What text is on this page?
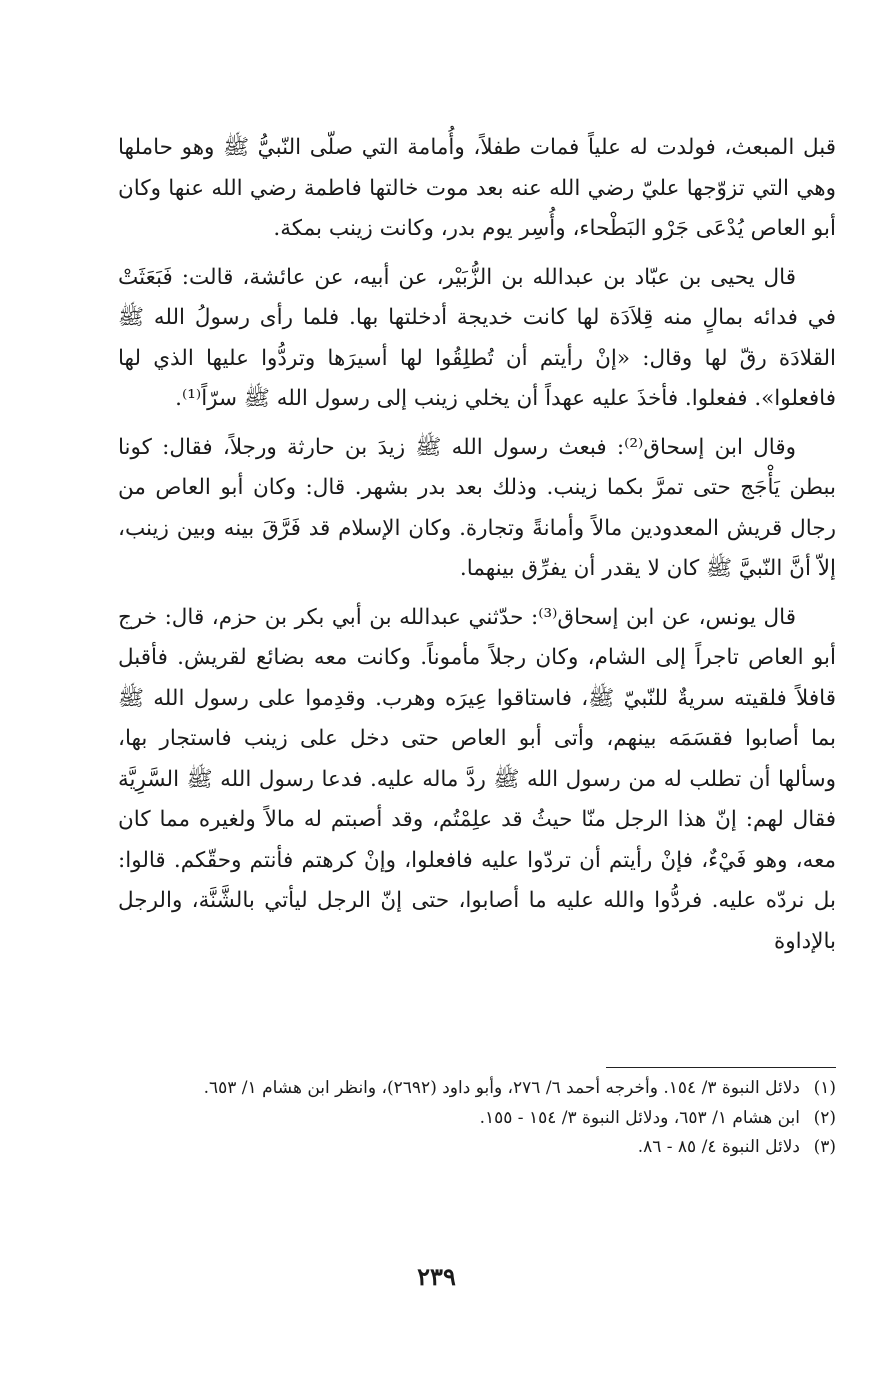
قبل المبعث، فولدت له علياً فمات طفلاً، وأُمامة التي صلّى النّبيُّ ﷺ وهو حاملها وهي التي تزوّجها عليّ رضي الله عنه بعد موت خالتها فاطمة رضي الله عنها وكان أبو العاص يُدْعَى جَرْو البَطْحاء، وأُسِر يوم بدر، وكانت زينب بمكة.

قال يحيى بن عبّاد بن عبدالله بن الزُّبَيْر، عن أبيه، عن عائشة، قالت: فَبَعَثَتْ في فدائه بمالٍ منه قِلاَدَة لها كانت خديجة أدخلتها بها. فلما رأى رسولُ الله ﷺ القلادَة رقّ لها وقال: «إنْ رأيتم أن تُطلِقُوا لها أسيرَها وتردُّوا عليها الذي لها فافعلوا». ففعلوا. فأخذَ عليه عهداً أن يخلي زينب إلى رسول الله ﷺ سرّاً⁽¹⁾.

وقال ابن إسحاق⁽²⁾: فبعث رسول الله ﷺ زيدَ بن حارثة ورجلاً، فقال: كونا ببطن يَأْجَج حتى تمرَّ بكما زينب. وذلك بعد بدر بشهر. قال: وكان أبو العاص من رجال قريش المعدودين مالاً وأمانةً وتجارة. وكان الإسلام قد فَرَّقَ بينه وبين زينب، إلاّ أنَّ النّبيَّ ﷺ كان لا يقدر أن يفرِّق بينهما.

قال يونس، عن ابن إسحاق⁽³⁾: حدّثني عبدالله بن أبي بكر بن حزم، قال: خرج أبو العاص تاجراً إلى الشام، وكان رجلاً مأموناً. وكانت معه بضائع لقريش. فأقبل قافلاً فلقيته سريةٌ للنّبيّ ﷺ، فاستاقوا عِيرَه وهرب. وقدِموا على رسول الله ﷺ بما أصابوا فقسَمَه بينهم، وأتى أبو العاص حتى دخل على زينب فاستجار بها، وسألها أن تطلب له من رسول الله ﷺ ردَّ ماله عليه. فدعا رسول الله ﷺ السَّرِيَّة فقال لهم: إنّ هذا الرجل منّا حيثُ قد علِمْتُم، وقد أصبتم له مالاً ولغيره مما كان معه، وهو فَيْءٌ، فإنْ رأيتم أن تردّوا عليه فافعلوا، وإنْ كرهتم فأنتم وحقّكم. قالوا: بل نردّه عليه. فردُّوا والله عليه ما أصابوا، حتى إنّ الرجل ليأتي بالشَّنَّة، والرجل بالإداوة

(١)
دلائل النبوة ٣/ ١٥٤. وأخرجه أحمد ٦/ ٢٧٦، وأبو داود (٢٦٩٢)، وانظر ابن هشام ١/ ٦٥٣.
(٢)
ابن هشام ١/ ٦٥٣، ودلائل النبوة ٣/ ١٥٤ - ١٥٥.
(٣)
دلائل النبوة ٤/ ٨٥ - ٨٦.
٢٣٩
